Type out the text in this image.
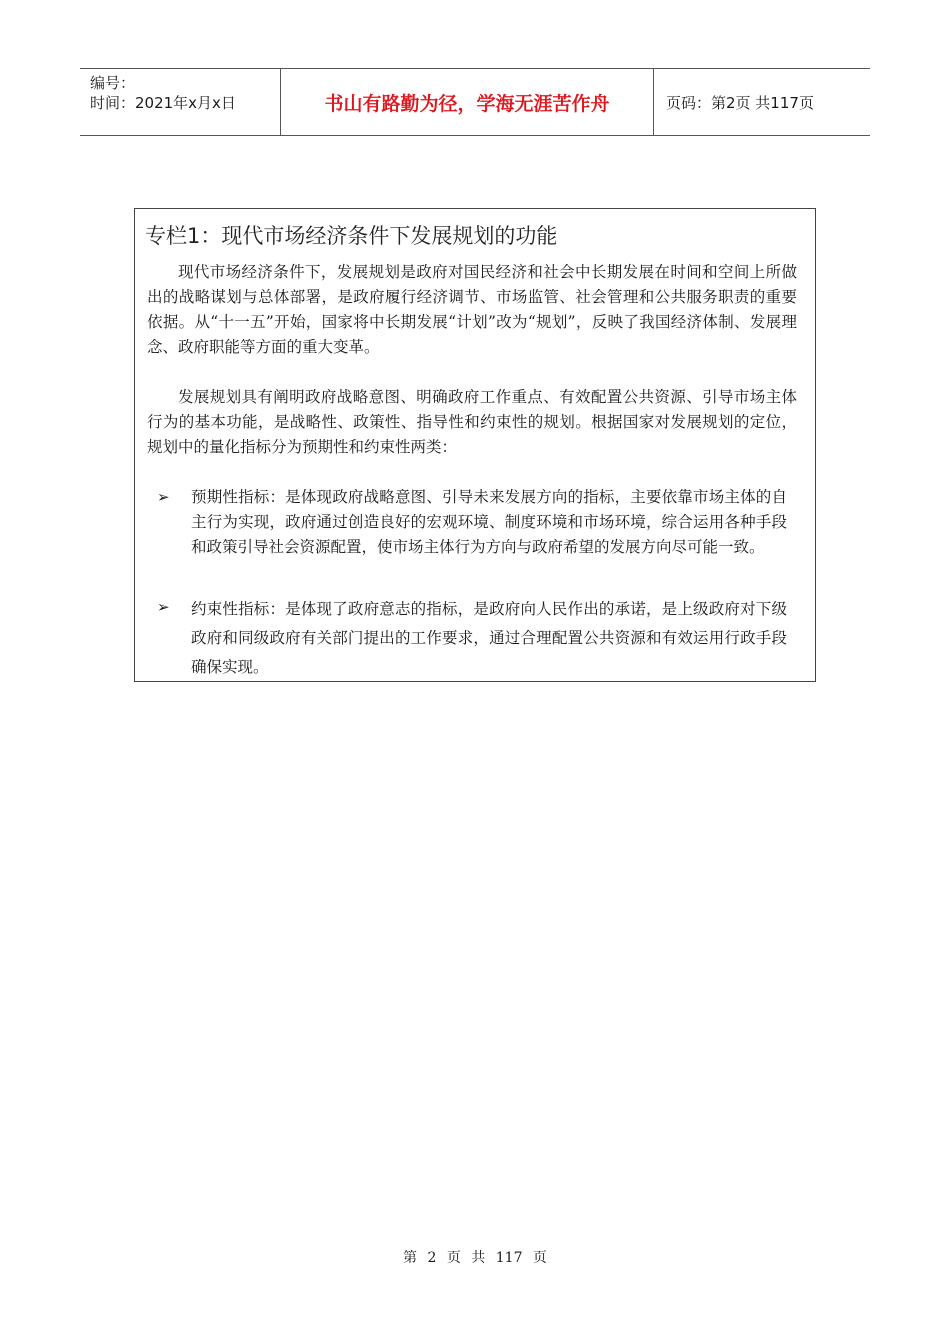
编号：
时间：2021年x月x日	书山有路勤为径，学海无涯苦作舟	页码：第2页 共117页
专栏1：现代市场经济条件下发展规划的功能

现代市场经济条件下，发展规划是政府对国民经济和社会中长期发展在时间和空间上所做出的战略谋划与总体部署，是政府履行经济调节、市场监管、社会管理和公共服务职责的重要依据。从“十一五”开始，国家将中长期发展“计划”改为“规划”，反映了我国经济体制、发展理念、政府职能等方面的重大变革。

发展规划具有阐明政府战略意图、明确政府工作重点、有效配置公共资源、引导市场主体行为的基本功能，是战略性、政策性、指导性和约束性的规划。根据国家对发展规划的定位，规划中的量化指标分为预期性和约束性两类：

➢	预期性指标：是体现政府战略意图、引导未来发展方向的指标，主要依靠市场主体的自主行为实现，政府通过创造良好的宏观环境、制度环境和市场环境，综合运用各种手段和政策引导社会资源配置，使市场主体行为方向与政府希望的发展方向尽可能一致。
➢	约束性指标：是体现了政府意志的指标，是政府向人民作出的承诺，是上级政府对下级政府和同级政府有关部门提出的工作要求，通过合理配置公共资源和有效运用行政手段确保实现。
第 2 页 共 117 页
